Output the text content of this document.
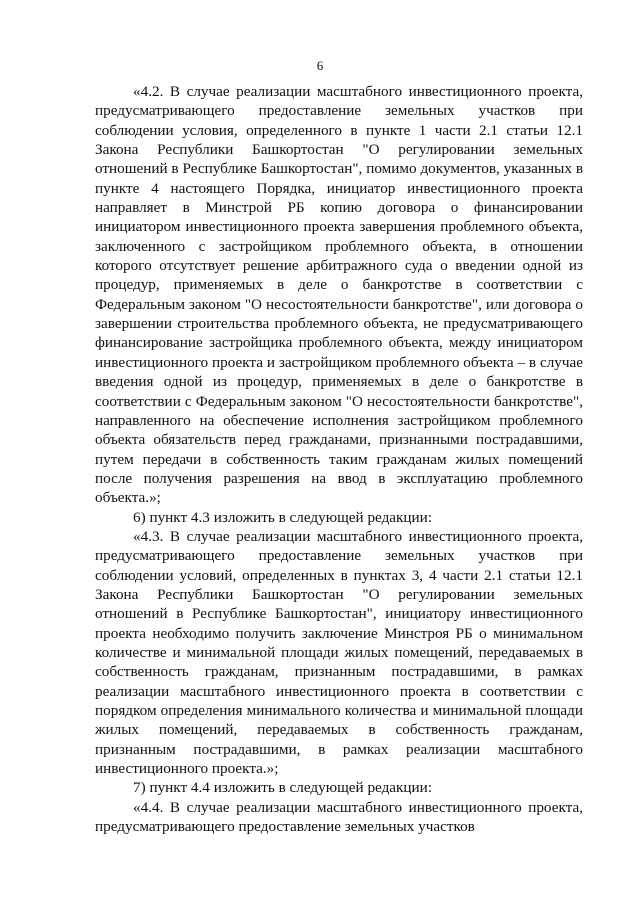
6

«4.2. В случае реализации масштабного инвестиционного проекта, предусматривающего предоставление земельных участков при соблюдении условия, определенного в пункте 1 части 2.1 статьи 12.1 Закона Республики Башкортостан "О регулировании земельных отношений в Республике Башкортостан", помимо документов, указанных в пункте 4 настоящего Порядка, инициатор инвестиционного проекта направляет в Минстрой РБ копию договора о финансировании инициатором инвестиционного проекта завершения проблемного объекта, заключенного с застройщиком проблемного объекта, в отношении которого отсутствует решение арбитражного суда о введении одной из процедур, применяемых в деле о банкротстве в соответствии с Федеральным законом "О несостоятельности банкротстве", или договора о завершении строительства проблемного объекта, не предусматривающего финансирование застройщика проблемного объекта, между инициатором инвестиционного проекта и застройщиком проблемного объекта – в случае введения одной из процедур, применяемых в деле о банкротстве в соответствии с Федеральным законом "О несостоятельности банкротстве", направленного на обеспечение исполнения застройщиком проблемного объекта обязательств перед гражданами, признанными пострадавшими, путем передачи в собственность таким гражданам жилых помещений после получения разрешения на ввод в эксплуатацию проблемного объекта.»;

6) пункт 4.3 изложить в следующей редакции:

«4.3. В случае реализации масштабного инвестиционного проекта, предусматривающего предоставление земельных участков при соблюдении условий, определенных в пунктах 3, 4 части 2.1 статьи 12.1 Закона Республики Башкортостан "О регулировании земельных отношений в Республике Башкортостан", инициатору инвестиционного проекта необходимо получить заключение Минстроя РБ о минимальном количестве и минимальной площади жилых помещений, передаваемых в собственность гражданам, признанным пострадавшими, в рамках реализации масштабного инвестиционного проекта в соответствии с порядком определения минимального количества и минимальной площади жилых помещений, передаваемых в собственность гражданам, признанным пострадавшими, в рамках реализации масштабного инвестиционного проекта.»;

7) пункт 4.4 изложить в следующей редакции:

«4.4. В случае реализации масштабного инвестиционного проекта, предусматривающего предоставление земельных участков
